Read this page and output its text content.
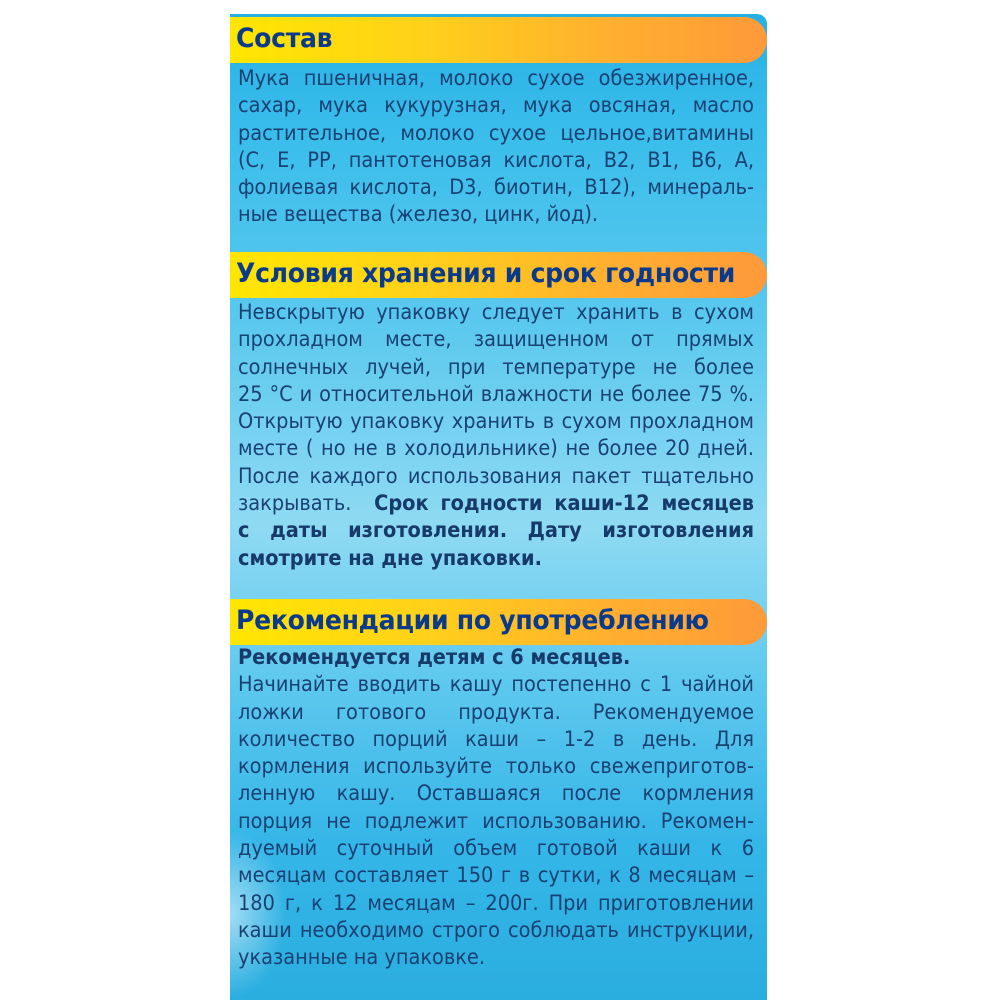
Состав
Мука пшеничная, молоко сухое обезжиренное,
сахар, мука кукурузная, мука овсяная, масло
растительное, молоко сухое цельное,витамины
(С, Е, РР, пантотеновая кислота, В2, В1, В6, А,
фолиевая кислота, D3, биотин, В12), минераль-
ные вещества (железо, цинк, йод).
Условия хранения и срок годности
Невскрытую упаковку следует хранить в сухом
прохладном месте, защищенном от прямых
солнечных лучей, при температуре не более
25 °С и относительной влажности не более 75 %.
Открытую упаковку хранить в сухом прохладном
месте ( но не в холодильнике) не более 20 дней.
После каждого использования пакет тщательно
закрывать. Срок годности каши-12 месяцев
с даты изготовления. Дату изготовления
смотрите на дне упаковки.
Рекомендации по употреблению
Рекомендуется детям с 6 месяцев.
Начинайте вводить кашу постепенно с 1 чайной
ложки готового продукта. Рекомендуемое
количество порций каши – 1-2 в день. Для
кормления используйте только свежеприготов-
ленную кашу. Оставшаяся после кормления
порция не подлежит использованию. Рекомен-
дуемый суточный объем готовой каши к 6
месяцам составляет 150 г в сутки, к 8 месяцам –
180 г, к 12 месяцам – 200г. При приготовлении
каши необходимо строго соблюдать инструкции,
указанные на упаковке.
